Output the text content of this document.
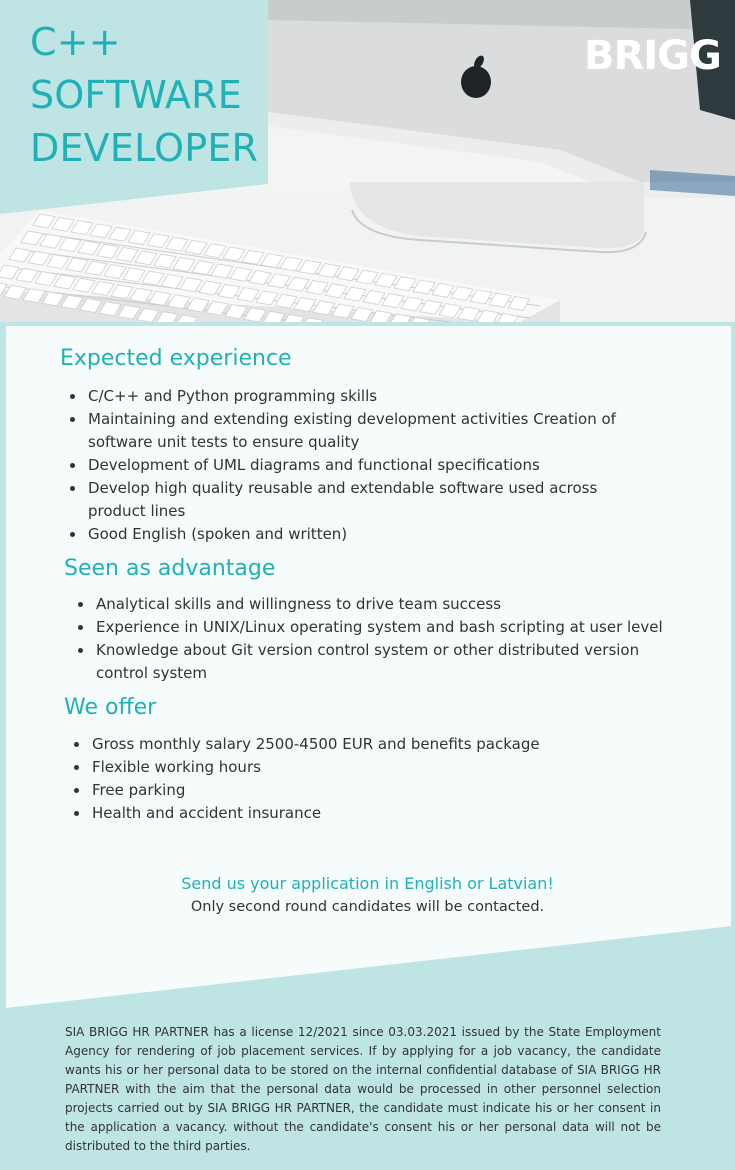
C++
SOFTWARE
DEVELOPER
BRIGG
Expected experience
C/C++ and Python programming skills
Maintaining and extending existing development activities Creation of software unit tests to ensure quality
Development of UML diagrams and functional specifications
Develop high quality reusable and extendable software used across product lines
Good English (spoken and written)
Seen as advantage
Analytical skills and willingness to drive team success
Experience in UNIX/Linux operating system and bash scripting at user level
Knowledge about Git version control system or other distributed version control system
We offer
Gross monthly salary 2500-4500 EUR and benefits package
Flexible working hours
Free parking
Health and accident insurance
Send us your application in English or Latvian!
Only second round candidates will be contacted.

SIA BRIGG HR PARTNER has a license 12/2021 since 03.03.2021 issued by the State Employment Agency for rendering of job placement services. If by applying for a job vacancy, the candidate wants his or her personal data to be stored on the internal confidential database of SIA BRIGG HR PARTNER with the aim that the personal data would be processed in other personnel selection projects carried out by SIA BRIGG HR PARTNER, the candidate must indicate his or her consent in the application a vacancy. without the candidate's consent his or her personal data will not be distributed to the third parties.
